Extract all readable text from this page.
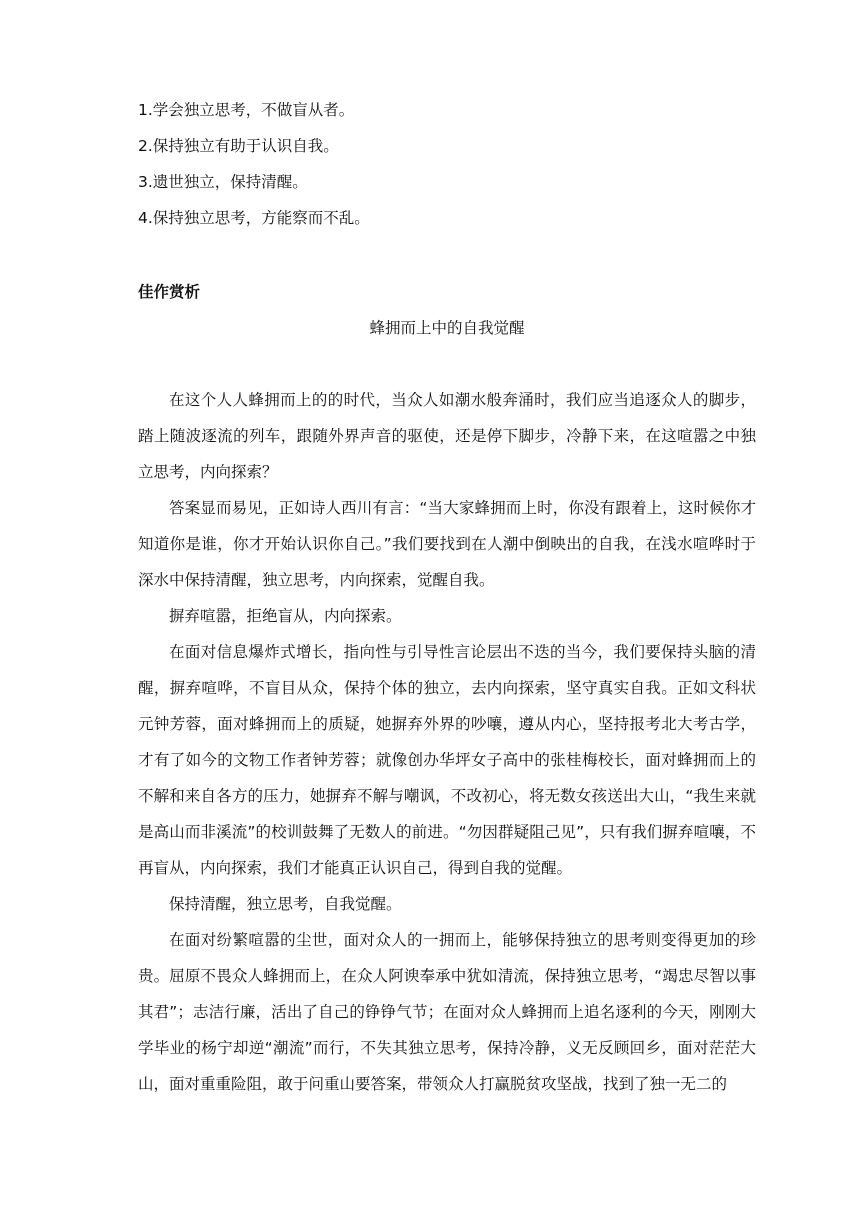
1.学会独立思考，不做盲从者。

2.保持独立有助于认识自我。

3.遗世独立，保持清醒。

4.保持独立思考，方能察而不乱。

佳作赏析

蜂拥而上中的自我觉醒

在这个人人蜂拥而上的的时代，当众人如潮水般奔涌时，我们应当追逐众人的脚步，踏上随波逐流的列车，跟随外界声音的驱使，还是停下脚步，冷静下来，在这喧嚣之中独立思考，内向探索？

答案显而易见，正如诗人西川有言：“当大家蜂拥而上时，你没有跟着上，这时候你才知道你是谁，你才开始认识你自己。”我们要找到在人潮中倒映出的自我，在浅水喧哗时于深水中保持清醒，独立思考，内向探索，觉醒自我。

摒弃喧嚣，拒绝盲从，内向探索。

在面对信息爆炸式增长，指向性与引导性言论层出不迭的当今，我们要保持头脑的清醒，摒弃喧哗，不盲目从众，保持个体的独立，去内向探索，坚守真实自我。正如文科状元钟芳蓉，面对蜂拥而上的质疑，她摒弃外界的吵嚷，遵从内心，坚持报考北大考古学，才有了如今的文物工作者钟芳蓉；就像创办华坪女子高中的张桂梅校长，面对蜂拥而上的不解和来自各方的压力，她摒弃不解与嘲讽，不改初心，将无数女孩送出大山，“我生来就是高山而非溪流”的校训鼓舞了无数人的前进。“勿因群疑阻己见”，只有我们摒弃喧嚷，不再盲从，内向探索，我们才能真正认识自己，得到自我的觉醒。

保持清醒，独立思考，自我觉醒。

在面对纷繁喧嚣的尘世，面对众人的一拥而上，能够保持独立的思考则变得更加的珍贵。屈原不畏众人蜂拥而上，在众人阿谀奉承中犹如清流，保持独立思考，“竭忠尽智以事其君”；志洁行廉，活出了自己的铮铮气节；在面对众人蜂拥而上追名逐利的今天，刚刚大学毕业的杨宁却逆“潮流”而行，不失其独立思考，保持冷静，义无反顾回乡，面对茫茫大山，面对重重险阻，敢于问重山要答案，带领众人打赢脱贫攻坚战，找到了独一无二的
